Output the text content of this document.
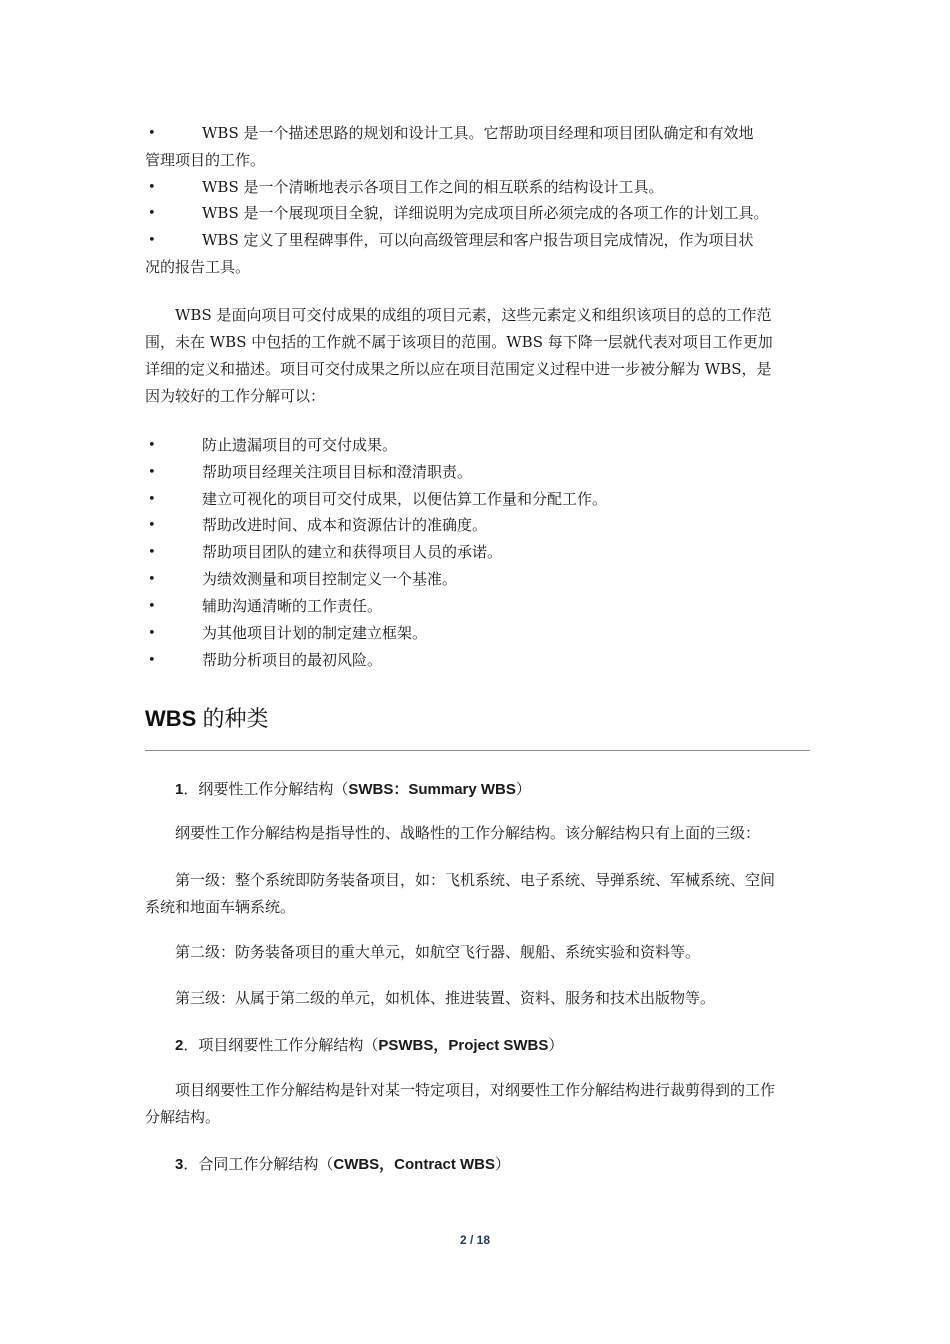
•	WBS 是一个描述思路的规划和设计工具。它帮助项目经理和项目团队确定和有效地
管理项目的工作。
•	WBS 是一个清晰地表示各项目工作之间的相互联系的结构设计工具。
•	WBS 是一个展现项目全貌，详细说明为完成项目所必须完成的各项工作的计划工具。
•	WBS 定义了里程碑事件，可以向高级管理层和客户报告项目完成情况，作为项目状
况的报告工具。
WBS 是面向项目可交付成果的成组的项目元素，这些元素定义和组织该项目的总的工作范
围，未在 WBS 中包括的工作就不属于该项目的范围。WBS 每下降一层就代表对项目工作更加
详细的定义和描述。项目可交付成果之所以应在项目范围定义过程中进一步被分解为 WBS，是
因为较好的工作分解可以：
•	防止遗漏项目的可交付成果。
•	帮助项目经理关注项目目标和澄清职责。
•	建立可视化的项目可交付成果，以便估算工作量和分配工作。
•	帮助改进时间、成本和资源估计的准确度。
•	帮助项目团队的建立和获得项目人员的承诺。
•	为绩效测量和项目控制定义一个基准。
•	辅助沟通清晰的工作责任。
•	为其他项目计划的制定建立框架。
•	帮助分析项目的最初风险。
WBS 的种类
1．纲要性工作分解结构（SWBS：Summary WBS）
纲要性工作分解结构是指导性的、战略性的工作分解结构。该分解结构只有上面的三级：
第一级：整个系统即防务装备项目，如：飞机系统、电子系统、导弹系统、军械系统、空间
系统和地面车辆系统。
第二级：防务装备项目的重大单元，如航空飞行器、舰船、系统实验和资料等。
第三级：从属于第二级的单元，如机体、推进装置、资料、服务和技术出版物等。
2．项目纲要性工作分解结构（PSWBS，Project SWBS）
项目纲要性工作分解结构是针对某一特定项目，对纲要性工作分解结构进行裁剪得到的工作
分解结构。
3．合同工作分解结构（CWBS，Contract WBS）
2 / 18
